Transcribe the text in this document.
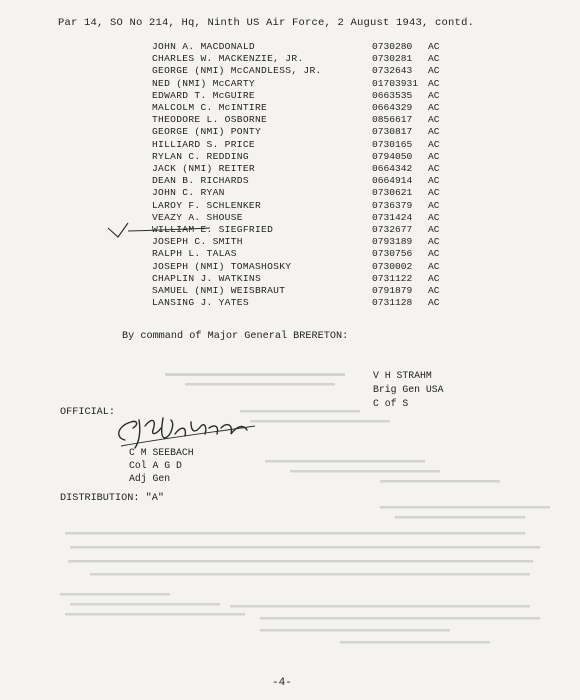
Par 14, SO No 214, Hq, Ninth US Air Force, 2 August 1943, contd.
JOHN A. MACDONALD	0730280 AC
CHARLES W. MACKENZIE, JR.	0730281 AC
GEORGE (NMI) McCANDLESS, JR.	0732643 AC
NED (NMI) McCARTY	01703931 AC
EDWARD T. McGUIRE	0663535 AC
MALCOLM C. McINTIRE	0664329 AC
THEODORE L. OSBORNE	0856617 AC
GEORGE (NMI) PONTY	0730817 AC
HILLIARD S. PRICE	0730165 AC
RYLAN C. REDDING	0794050 AC
JACK (NMI) REITER	0664342 AC
DEAN B. RICHARDS	0664914 AC
JOHN C. RYAN	0730621 AC
LAROY F. SCHLENKER	0736379 AC
VEAZY A. SHOUSE	0731424 AC
WILLIAM E. SIEGFRIED	0732677 AC
JOSEPH C. SMITH	0793189 AC
RALPH L. TALAS	0730756 AC
JOSEPH (NMI) TOMASHOSKY	0730002 AC
CHAPLIN J. WATKINS	0731122 AC
SAMUEL (NMI) WEISBRAUT	0791879 AC
LANSING J. YATES	0731128 AC
By command of Major General BRERETON:
V H STRAHM
Brig Gen USA
C of S
OFFICIAL:
C M SEEBACH
Col A G D
Adj Gen
DISTRIBUTION: "A"
-4-
